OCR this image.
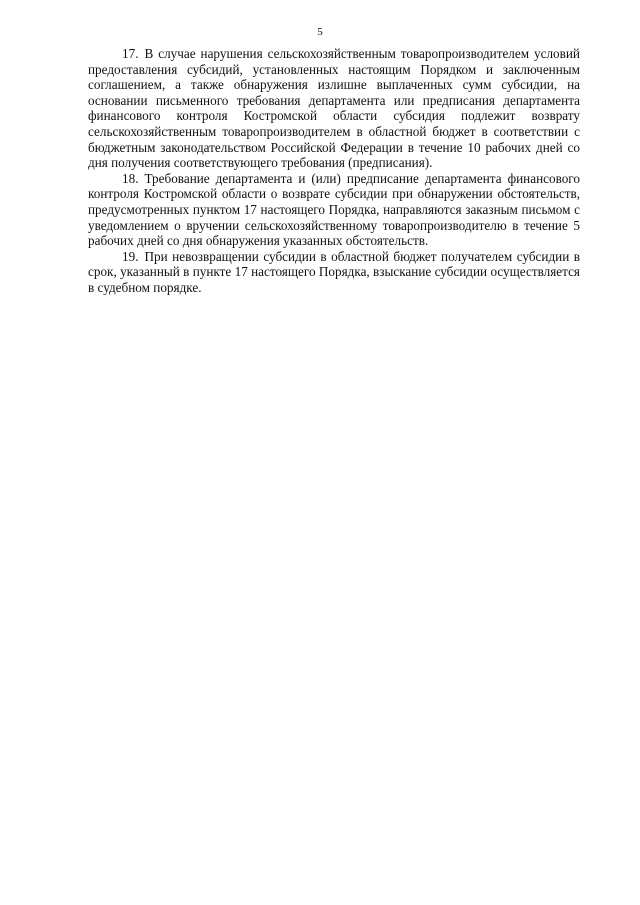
5

17. В случае нарушения сельскохозяйственным товаропроизводителем условий предоставления субсидий, установленных настоящим Порядком и заключенным соглашением, а также обнаружения излишне выплаченных сумм субсидии, на основании письменного требования департамента или предписания департамента финансового контроля Костромской области субсидия подлежит возврату сельскохозяйственным товаропроизводителем в областной бюджет в соответствии с бюджетным законодательством Российской Федерации в течение 10 рабочих дней со дня получения соответствующего требования (предписания).

18. Требование департамента и (или) предписание департамента финансового контроля Костромской области о возврате субсидии при обнаружении обстоятельств, предусмотренных пунктом 17 настоящего Порядка, направляются заказным письмом с уведомлением о вручении сельскохозяйственному товаропроизводителю в течение 5 рабочих дней со дня обнаружения указанных обстоятельств.

19. При невозвращении субсидии в областной бюджет получателем субсидии в срок, указанный в пункте 17 настоящего Порядка, взыскание субсидии осуществляется в судебном порядке.
